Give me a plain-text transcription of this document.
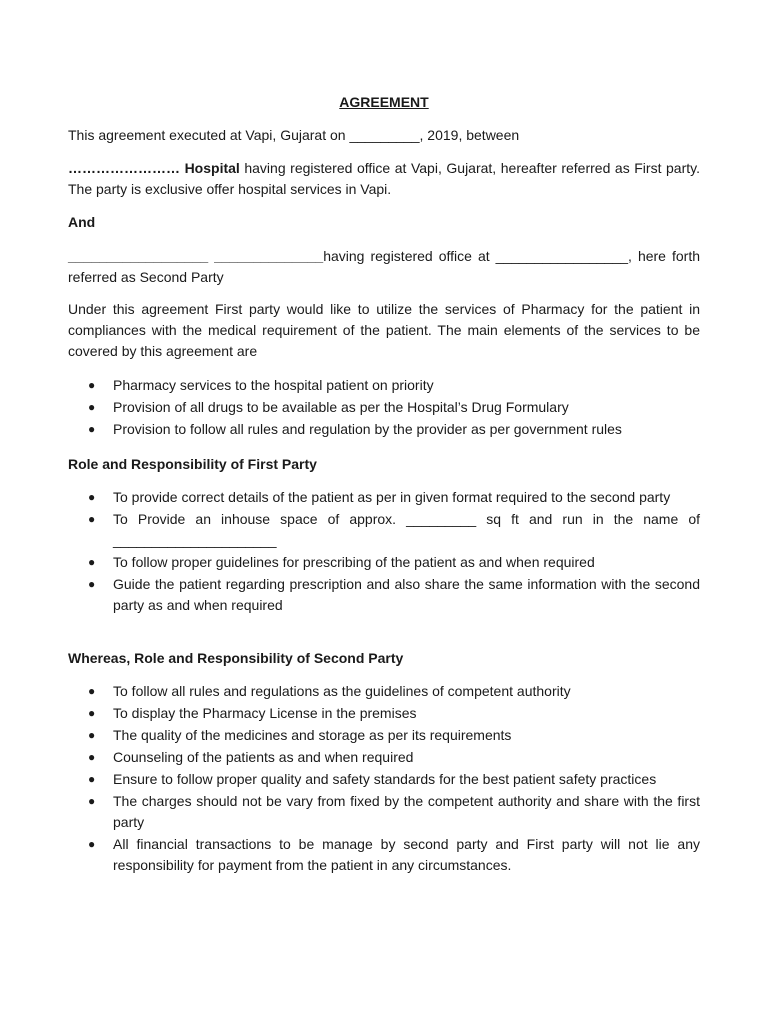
AGREEMENT
This agreement executed at Vapi, Gujarat on _________, 2019, between
…………………… Hospital having registered office at Vapi, Gujarat, hereafter referred as First party. The party is exclusive offer hospital services in Vapi.
And
__________________ ______________having registered office at _________________, here forth referred as Second Party
Under this agreement First party would like to utilize the services of Pharmacy for the patient in compliances with the medical requirement of the patient. The main elements of the services to be covered by this agreement are
● Pharmacy services to the hospital patient on priority
● Provision of all drugs to be available as per the Hospital’s Drug Formulary
● Provision to follow all rules and regulation by the provider as per government rules
Role and Responsibility of First Party
● To provide correct details of the patient as per in given format required to the second party
● To Provide an inhouse space of approx. _________ sq ft and run in the name of _____________________
● To follow proper guidelines for prescribing of the patient as and when required
● Guide the patient regarding prescription and also share the same information with the second party as and when required
Whereas, Role and Responsibility of Second Party
● To follow all rules and regulations as the guidelines of competent authority
● To display the Pharmacy License in the premises
● The quality of the medicines and storage as per its requirements
● Counseling of the patients as and when required
● Ensure to follow proper quality and safety standards for the best patient safety practices
● The charges should not be vary from fixed by the competent authority and share with the first party
● All financial transactions to be manage by second party and First party will not lie any responsibility for payment from the patient in any circumstances.
